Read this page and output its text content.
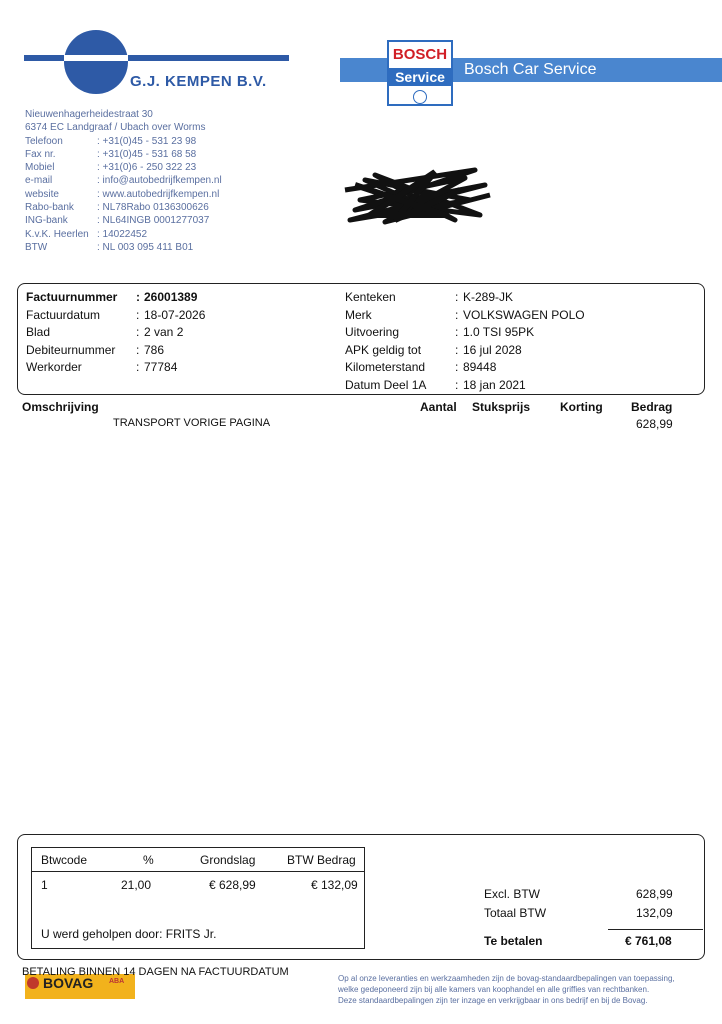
G.J. KEMPEN B.V.
Bosch Car Service
BOSCH
Service
Nieuwenhagerheidestraat 30
6374 EC Landgraaf / Ubach over Worms
Telefoon	: +31(0)45 - 531 23 98
Fax nr.	: +31(0)45 - 531 68 58
Mobiel	: +31(0)6 - 250 322 23
e-mail	: info@autobedrijfkempen.nl
website	: www.autobedrijfkempen.nl
Rabo-bank	: NL78Rabo 0136300626
ING-bank	: NL64INGB 0001277037
K.v.K. Heerlen : 14022452
BTW	: NL 003 095 411 B01
Factuurnummer	: 26001389
Factuurdatum	: 18-07-2026
Blad	: 2 van 2
Debiteurnummer	: 786
Werkorder	: 77784
Kenteken	: K-289-JK
Merk	: VOLKSWAGEN POLO
Uitvoering	: 1.0 TSI 95PK
APK geldig tot	: 16 jul 2028
Kilometerstand	: 89448
Datum Deel 1A	: 18 jan 2021
Omschrijving	Aantal Stuksprijs Korting Bedrag
TRANSPORT VORIGE PAGINA	628,99
Btwcode	%	Grondslag	BTW Bedrag
1	21,00	€ 628,99	€ 132,09
U werd geholpen door: FRITS Jr.
Excl. BTW	628,99
Totaal BTW	132,09
Te betalen	€ 761,08
BOVAG ABA
BETALING BINNEN 14 DAGEN NA FACTUURDATUM
Op al onze leveranties en werkzaamheden zijn de bovag-standaardbepalingen van toepassing,
welke gedeponeerd zijn bij alle kamers van koophandel en alle griffies van rechtbanken.
Deze standaardbepalingen zijn ter inzage en verkrijgbaar in ons bedrijf en bij de Bovag.
